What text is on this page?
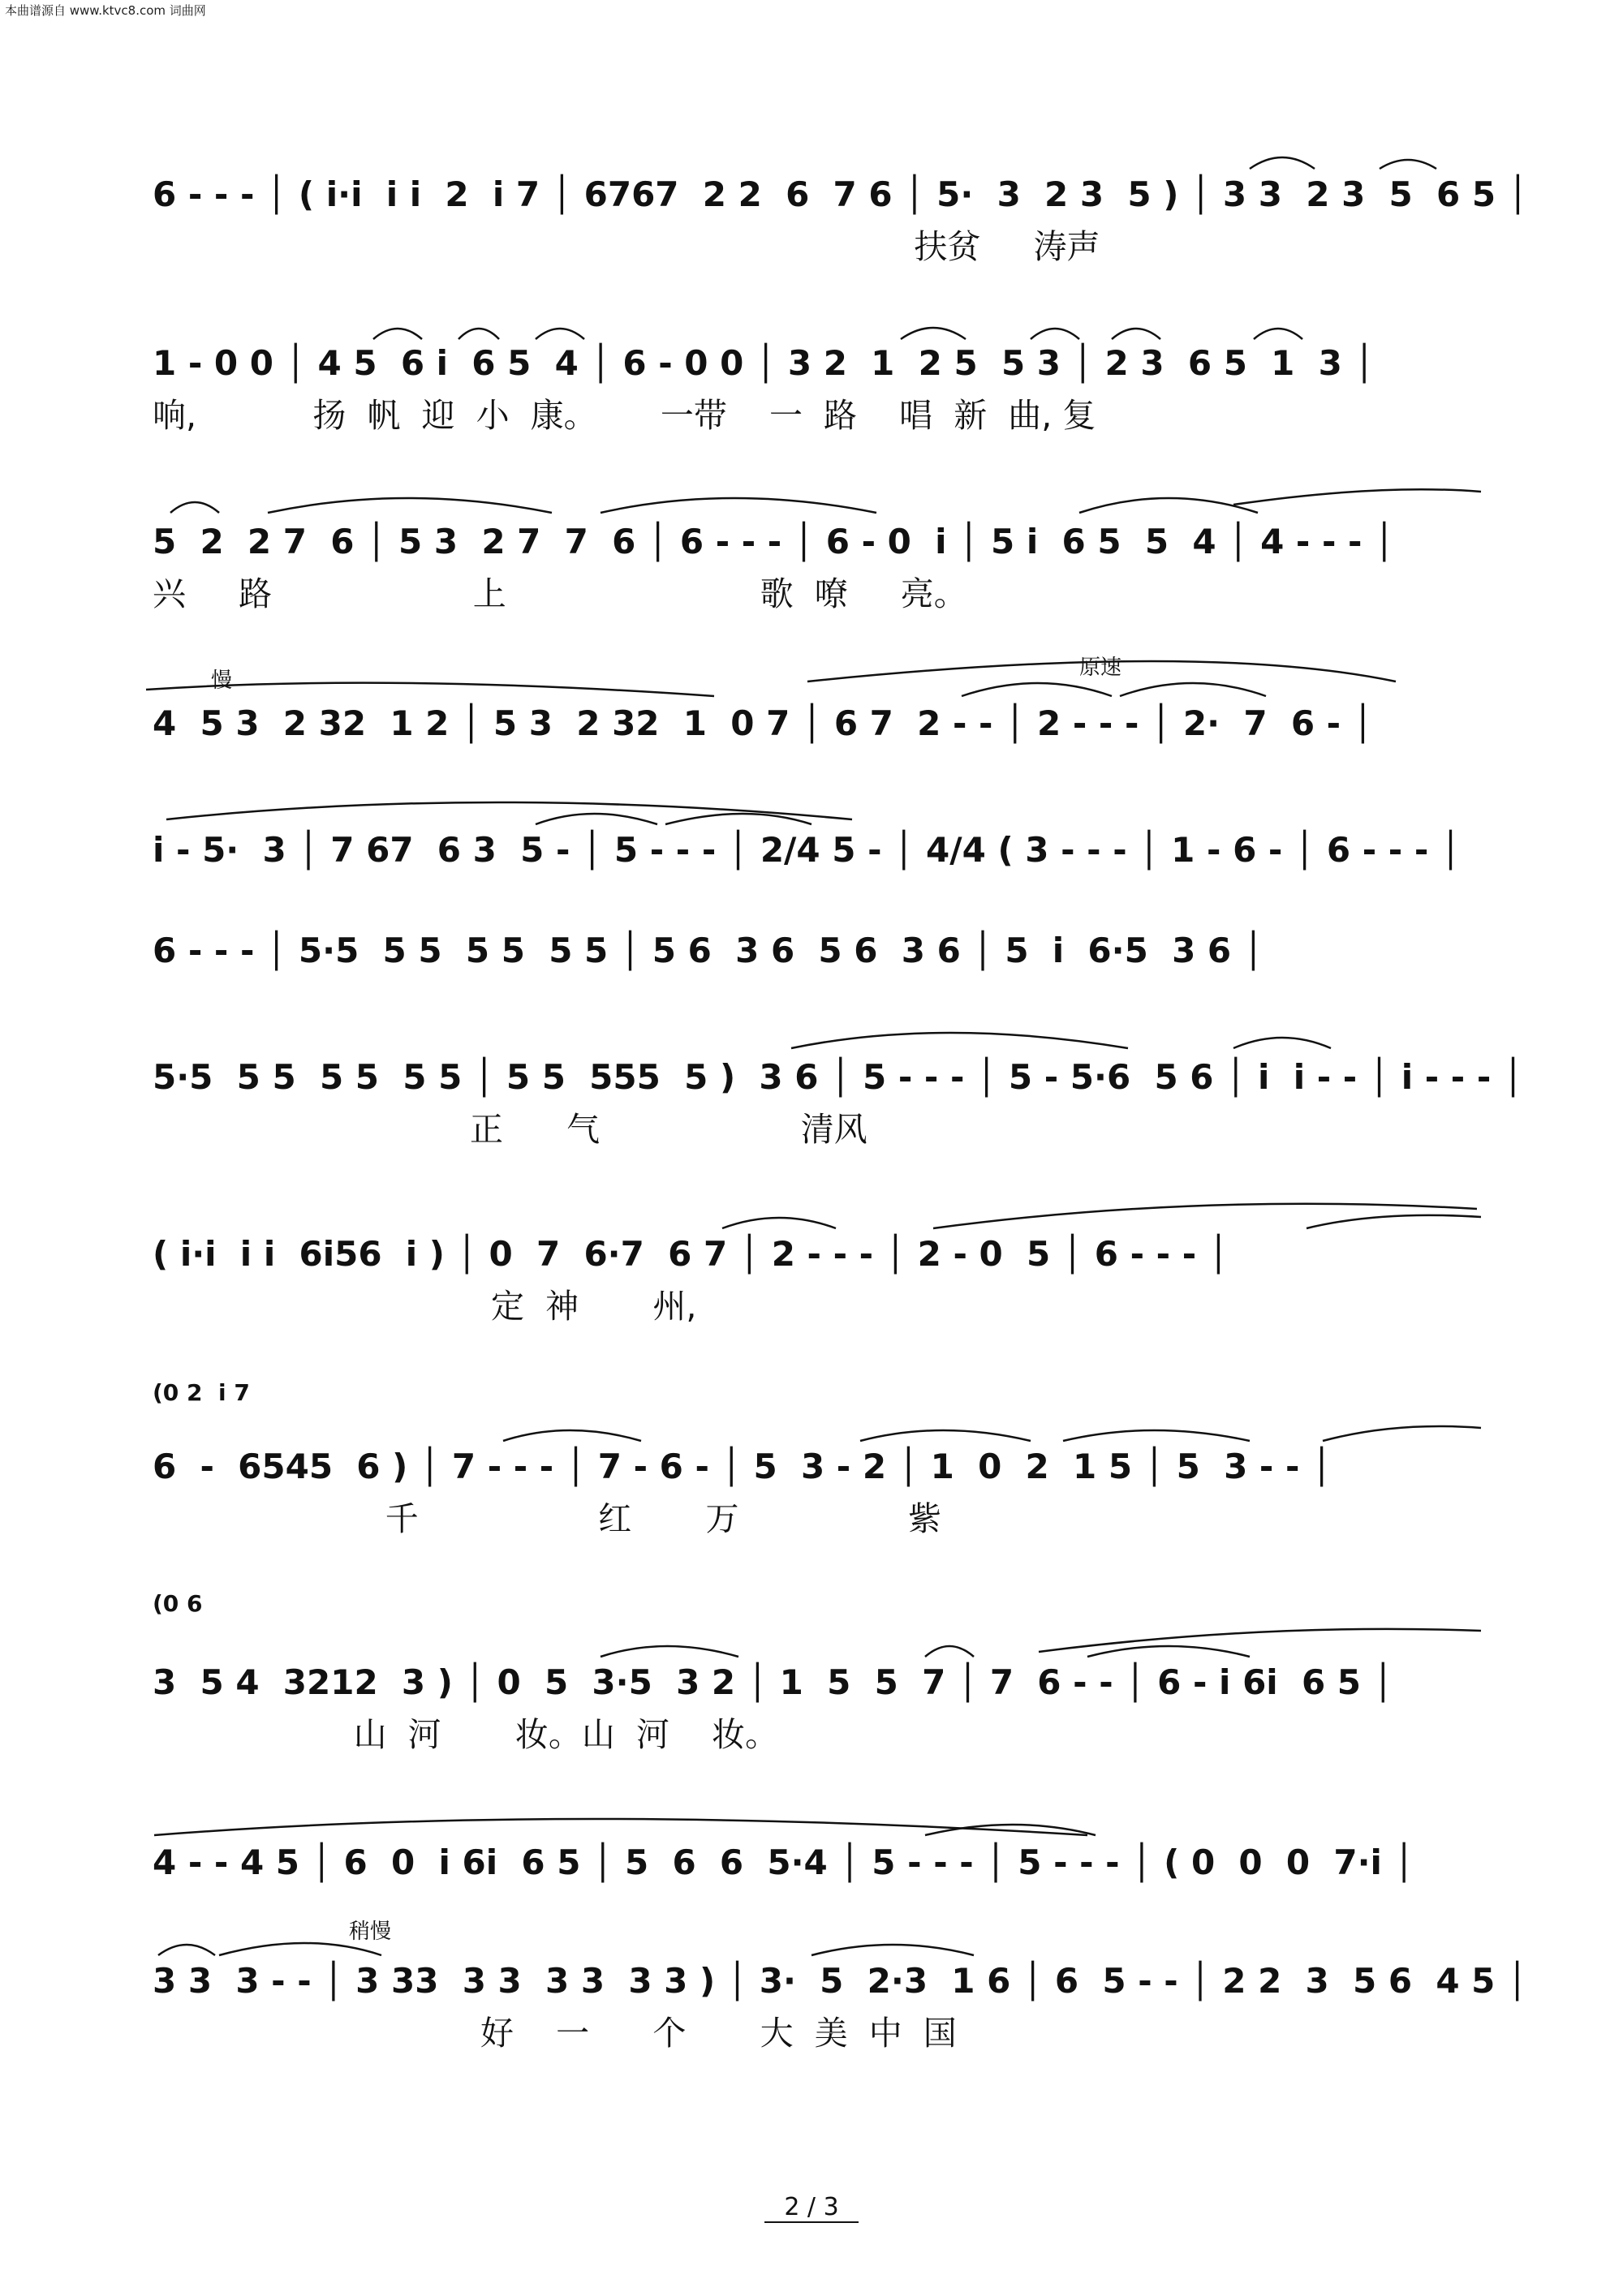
本曲谱源自 www.ktvc8.com 词曲网
6 - - - │ ( i·i  i i  2  i 7 │ 6767  2 2  6  7 6 │ 5·  3  2 3  5 ) │ 3 3  2 3  5  6 5 │
扶贫     涛声
1 - 0 0 │ 4 5  6 i  6 5  4 │ 6 - 0 0 │ 3 2  1  2 5  5 3 │ 2 3  6 5  1  3 │
响,           扬  帆  迎  小  康。      一带    一  路    唱  新  曲, 复
5  2  2 7  6 │ 5 3  2 7  7  6 │ 6 - - - │ 6 - 0  i │ 5 i  6 5  5  4 │ 4 - - - │
兴     路                   上                        歌  嘹     亮。
慢
原速
4  5 3  2 32  1 2 │ 5 3  2 32  1  0 7 │ 6 7  2 - - │ 2 - - - │ 2·  7  6 - │
i - 5·  3 │ 7 67  6 3  5 - │ 5 - - - │ 2/4 5 - │ 4/4 ( 3 - - - │ 1 - 6 - │ 6 - - - │
6 - - - │ 5·5  5 5  5 5  5 5 │ 5 6  3 6  5 6  3 6 │ 5  i  6·5  3 6 │
5·5  5 5  5 5  5 5 │ 5 5  555  5 )  3 6 │ 5 - - - │ 5 - 5·6  5 6 │ i  i - - │ i - - - │
正      气                   清风
( i·i  i i  6i56  i ) │ 0  7  6·7  6 7 │ 2 - - - │ 2 - 0  5 │ 6 - - - │
定  神       州,
(0 2  i 7
6  -  6545  6 ) │ 7 - - - │ 7 - 6 - │ 5  3 - 2 │ 1  0  2  1 5 │ 5  3 - - │
千                 红       万                紫
(0 6
3  5 4  3212  3 ) │ 0  5  3·5  3 2 │ 1  5  5  7 │ 7  6 - - │ 6 - i 6i  6 5 │
山  河       妆。山  河    妆。
4 - - 4 5 │ 6  0  i 6i  6 5 │ 5  6  6  5·4 │ 5 - - - │ 5 - - - │ ( 0  0  0  7·i │
稍慢
3 3  3 - - │ 3 33  3 3  3 3  3 3 ) │ 3·  5  2·3  1 6 │ 6  5 - - │ 2 2  3  5 6  4 5 │
好    一      个       大  美  中  国
2 / 3
